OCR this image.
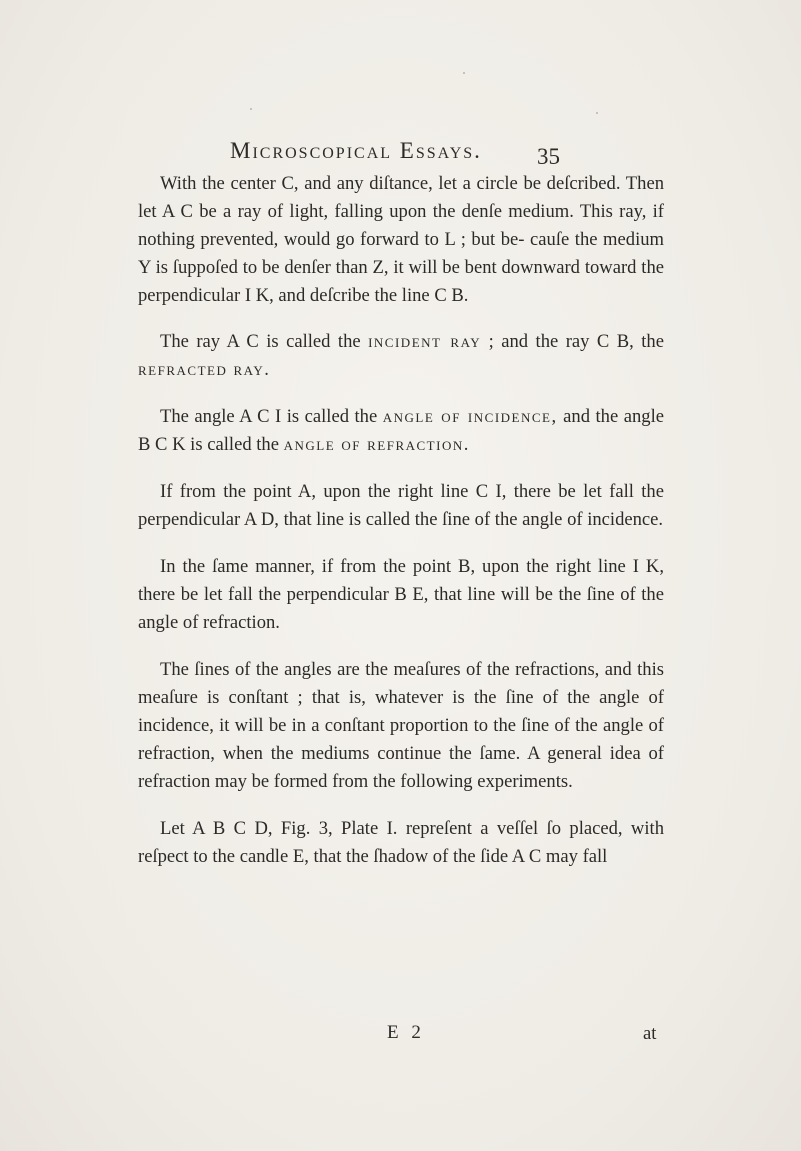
Microscopical Essays. 35

With the center C, and any diſtance, let a circle be deſcribed. Then let A C be a ray of light, falling upon the denſe medium. This ray, if nothing prevented, would go forward to L ; but be- cauſe the medium Y is ſuppoſed to be denſer than Z, it will be bent downward toward the perpendicular I K, and deſcribe the line C B.

The ray A C is called the incident ray ; and the ray C B, the refracted ray.

The angle A C I is called the angle of incidence, and the angle B C K is called the angle of refraction.

If from the point A, upon the right line C I, there be let fall the perpendicular A D, that line is called the ſine of the angle of incidence.

In the ſame manner, if from the point B, upon the right line I K, there be let fall the perpendicular B E, that line will be the ſine of the angle of refraction.

The ſines of the angles are the meaſures of the refractions, and this meaſure is conſtant ; that is, whatever is the ſine of the angle of incidence, it will be in a conſtant proportion to the ſine of the angle of refraction, when the mediums continue the ſame. A general idea of refraction may be formed from the following experiments.

Let A B C D, Fig. 3, Plate I. repreſent a veſſel ſo placed, with reſpect to the candle E, that the ſhadow of the ſide A C may fall

E 2	at
